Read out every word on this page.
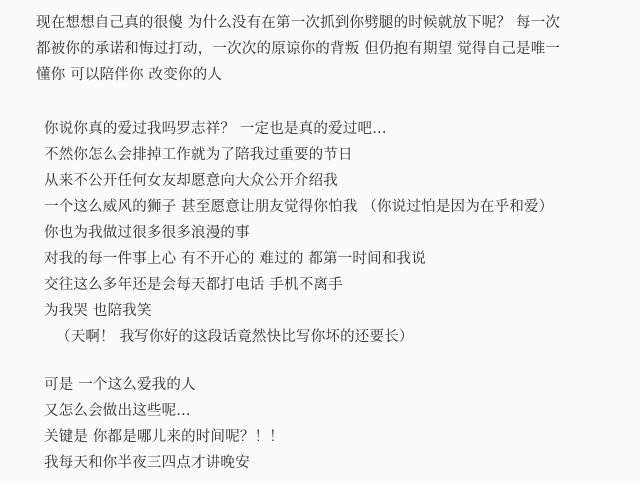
现在想想自己真的很傻 为什么没有在第一次抓到你劈腿的时候就放下呢？ 每一次
都被你的承诺和悔过打动，一次次的原谅你的背叛 但仍抱有期望 觉得自己是唯一
懂你 可以陪伴你 改变你的人
你说你真的爱过我吗罗志祥？ 一定也是真的爱过吧...
不然你怎么会排掉工作就为了陪我过重要的节日
从来不公开任何女友却愿意向大众公开介绍我
一个这么威风的狮子 甚至愿意让朋友觉得你怕我 （你说过怕是因为在乎和爱）
你也为我做过很多很多浪漫的事
对我的每一件事上心 有不开心的 难过的 都第一时间和我说
交往这么多年还是会每天都打电话 手机不离手
为我哭 也陪我笑
（天啊！ 我写你好的这段话竟然快比写你坏的还要长）
可是 一个这么爱我的人
又怎么会做出这些呢...
关键是 你都是哪儿来的时间呢？！！
我每天和你半夜三四点才讲晚安
